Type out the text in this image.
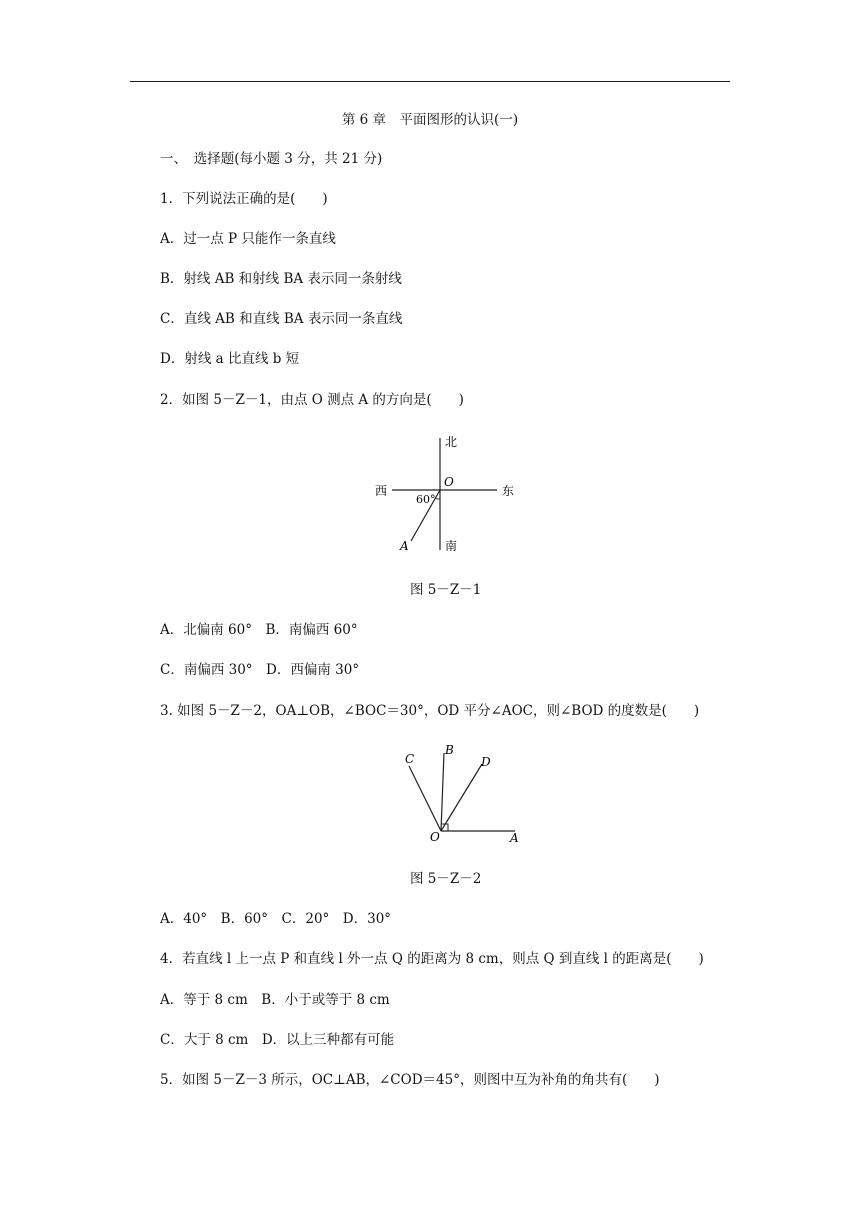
第 6 章　平面图形的认识(一)
一、　选择题(每小题 3 分，共 21 分)
1．下列说法正确的是(　　)
A．过一点 P 只能作一条直线
B．射线 AB 和射线 BA 表示同一条射线
C．直线 AB 和直线 BA 表示同一条直线
D．射线 a 比直线 b 短
2．如图 5－Z－1，由点 O 测点 A 的方向是(　　)
北
南
东
西
O
A
60°
图 5－Z－1
A．北偏南 60°　B．南偏西 60°
C．南偏西 30°　D．西偏南 30°
3. 如图 5－Z－2，OA⊥OB，∠BOC＝30°，OD 平分∠AOC，则∠BOD 的度数是(　　)
C
B
D
O	A
图 5－Z－2
A．40°　B．60°　C．20°　D．30°
4．若直线 l 上一点 P 和直线 l 外一点 Q 的距离为 8 cm，则点 Q 到直线 l 的距离是(　　)
A．等于 8 cm　B．小于或等于 8 cm
C．大于 8 cm　D．以上三种都有可能
5．如图 5－Z－3 所示，OC⊥AB，∠COD＝45°，则图中互为补角的角共有(　　)
